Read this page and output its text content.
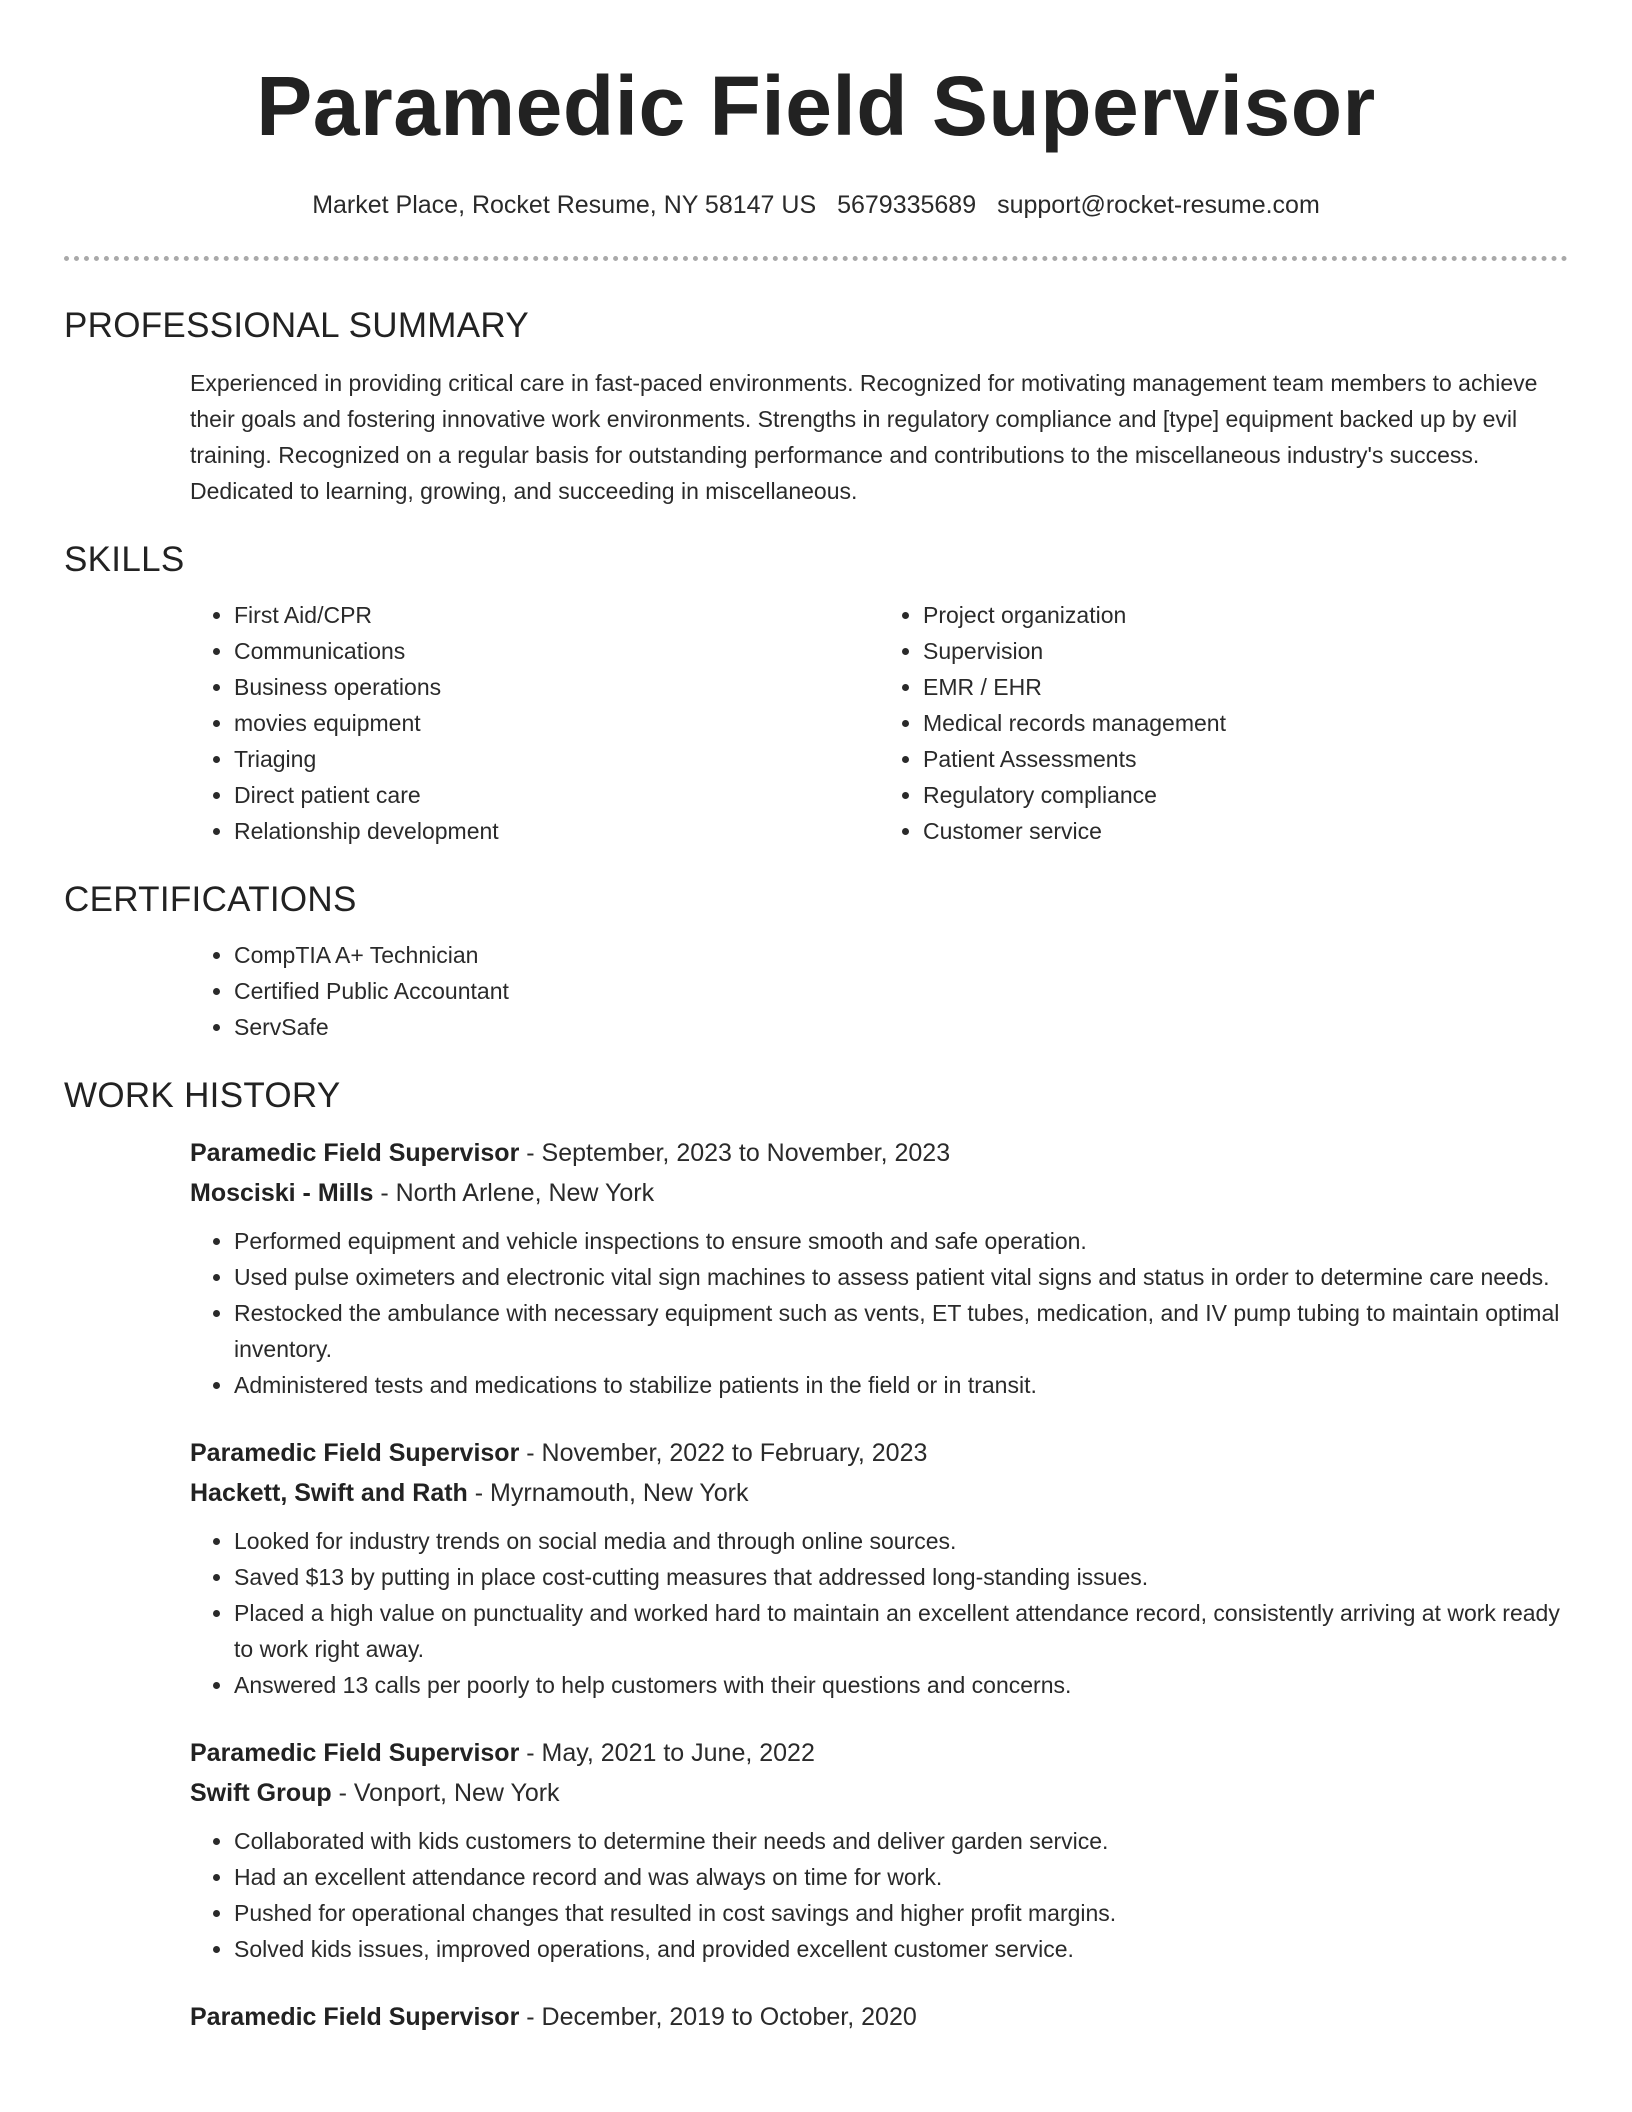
Paramedic Field Supervisor
Market Place, Rocket Resume, NY 58147 US 5679335689 support@rocket-resume.com
PROFESSIONAL SUMMARY

Experienced in providing critical care in fast-paced environments. Recognized for motivating management team members to achieve their goals and fostering innovative work environments. Strengths in regulatory compliance and [type] equipment backed up by evil training. Recognized on a regular basis for outstanding performance and contributions to the miscellaneous industry's success. Dedicated to learning, growing, and succeeding in miscellaneous.

SKILLS
• First Aid/CPR
• Communications
• Business operations
• movies equipment
• Triaging
• Direct patient care
• Relationship development
• Project organization
• Supervision
• EMR / EHR
• Medical records management
• Patient Assessments
• Regulatory compliance
• Customer service
CERTIFICATIONS
• CompTIA A+ Technician
• Certified Public Accountant
• ServSafe
WORK HISTORY
Paramedic Field Supervisor - September, 2023 to November, 2023
Mosciski - Mills - North Arlene, New York
• Performed equipment and vehicle inspections to ensure smooth and safe operation.
• Used pulse oximeters and electronic vital sign machines to assess patient vital signs and status in order to determine care needs.
• Restocked the ambulance with necessary equipment such as vents, ET tubes, medication, and IV pump tubing to maintain optimal inventory.
• Administered tests and medications to stabilize patients in the field or in transit.
Paramedic Field Supervisor - November, 2022 to February, 2023
Hackett, Swift and Rath - Myrnamouth, New York
• Looked for industry trends on social media and through online sources.
• Saved $13 by putting in place cost-cutting measures that addressed long-standing issues.
• Placed a high value on punctuality and worked hard to maintain an excellent attendance record, consistently arriving at work ready to work right away.
• Answered 13 calls per poorly to help customers with their questions and concerns.
Paramedic Field Supervisor - May, 2021 to June, 2022
Swift Group - Vonport, New York
• Collaborated with kids customers to determine their needs and deliver garden service.
• Had an excellent attendance record and was always on time for work.
• Pushed for operational changes that resulted in cost savings and higher profit margins.
• Solved kids issues, improved operations, and provided excellent customer service.
Paramedic Field Supervisor - December, 2019 to October, 2020
